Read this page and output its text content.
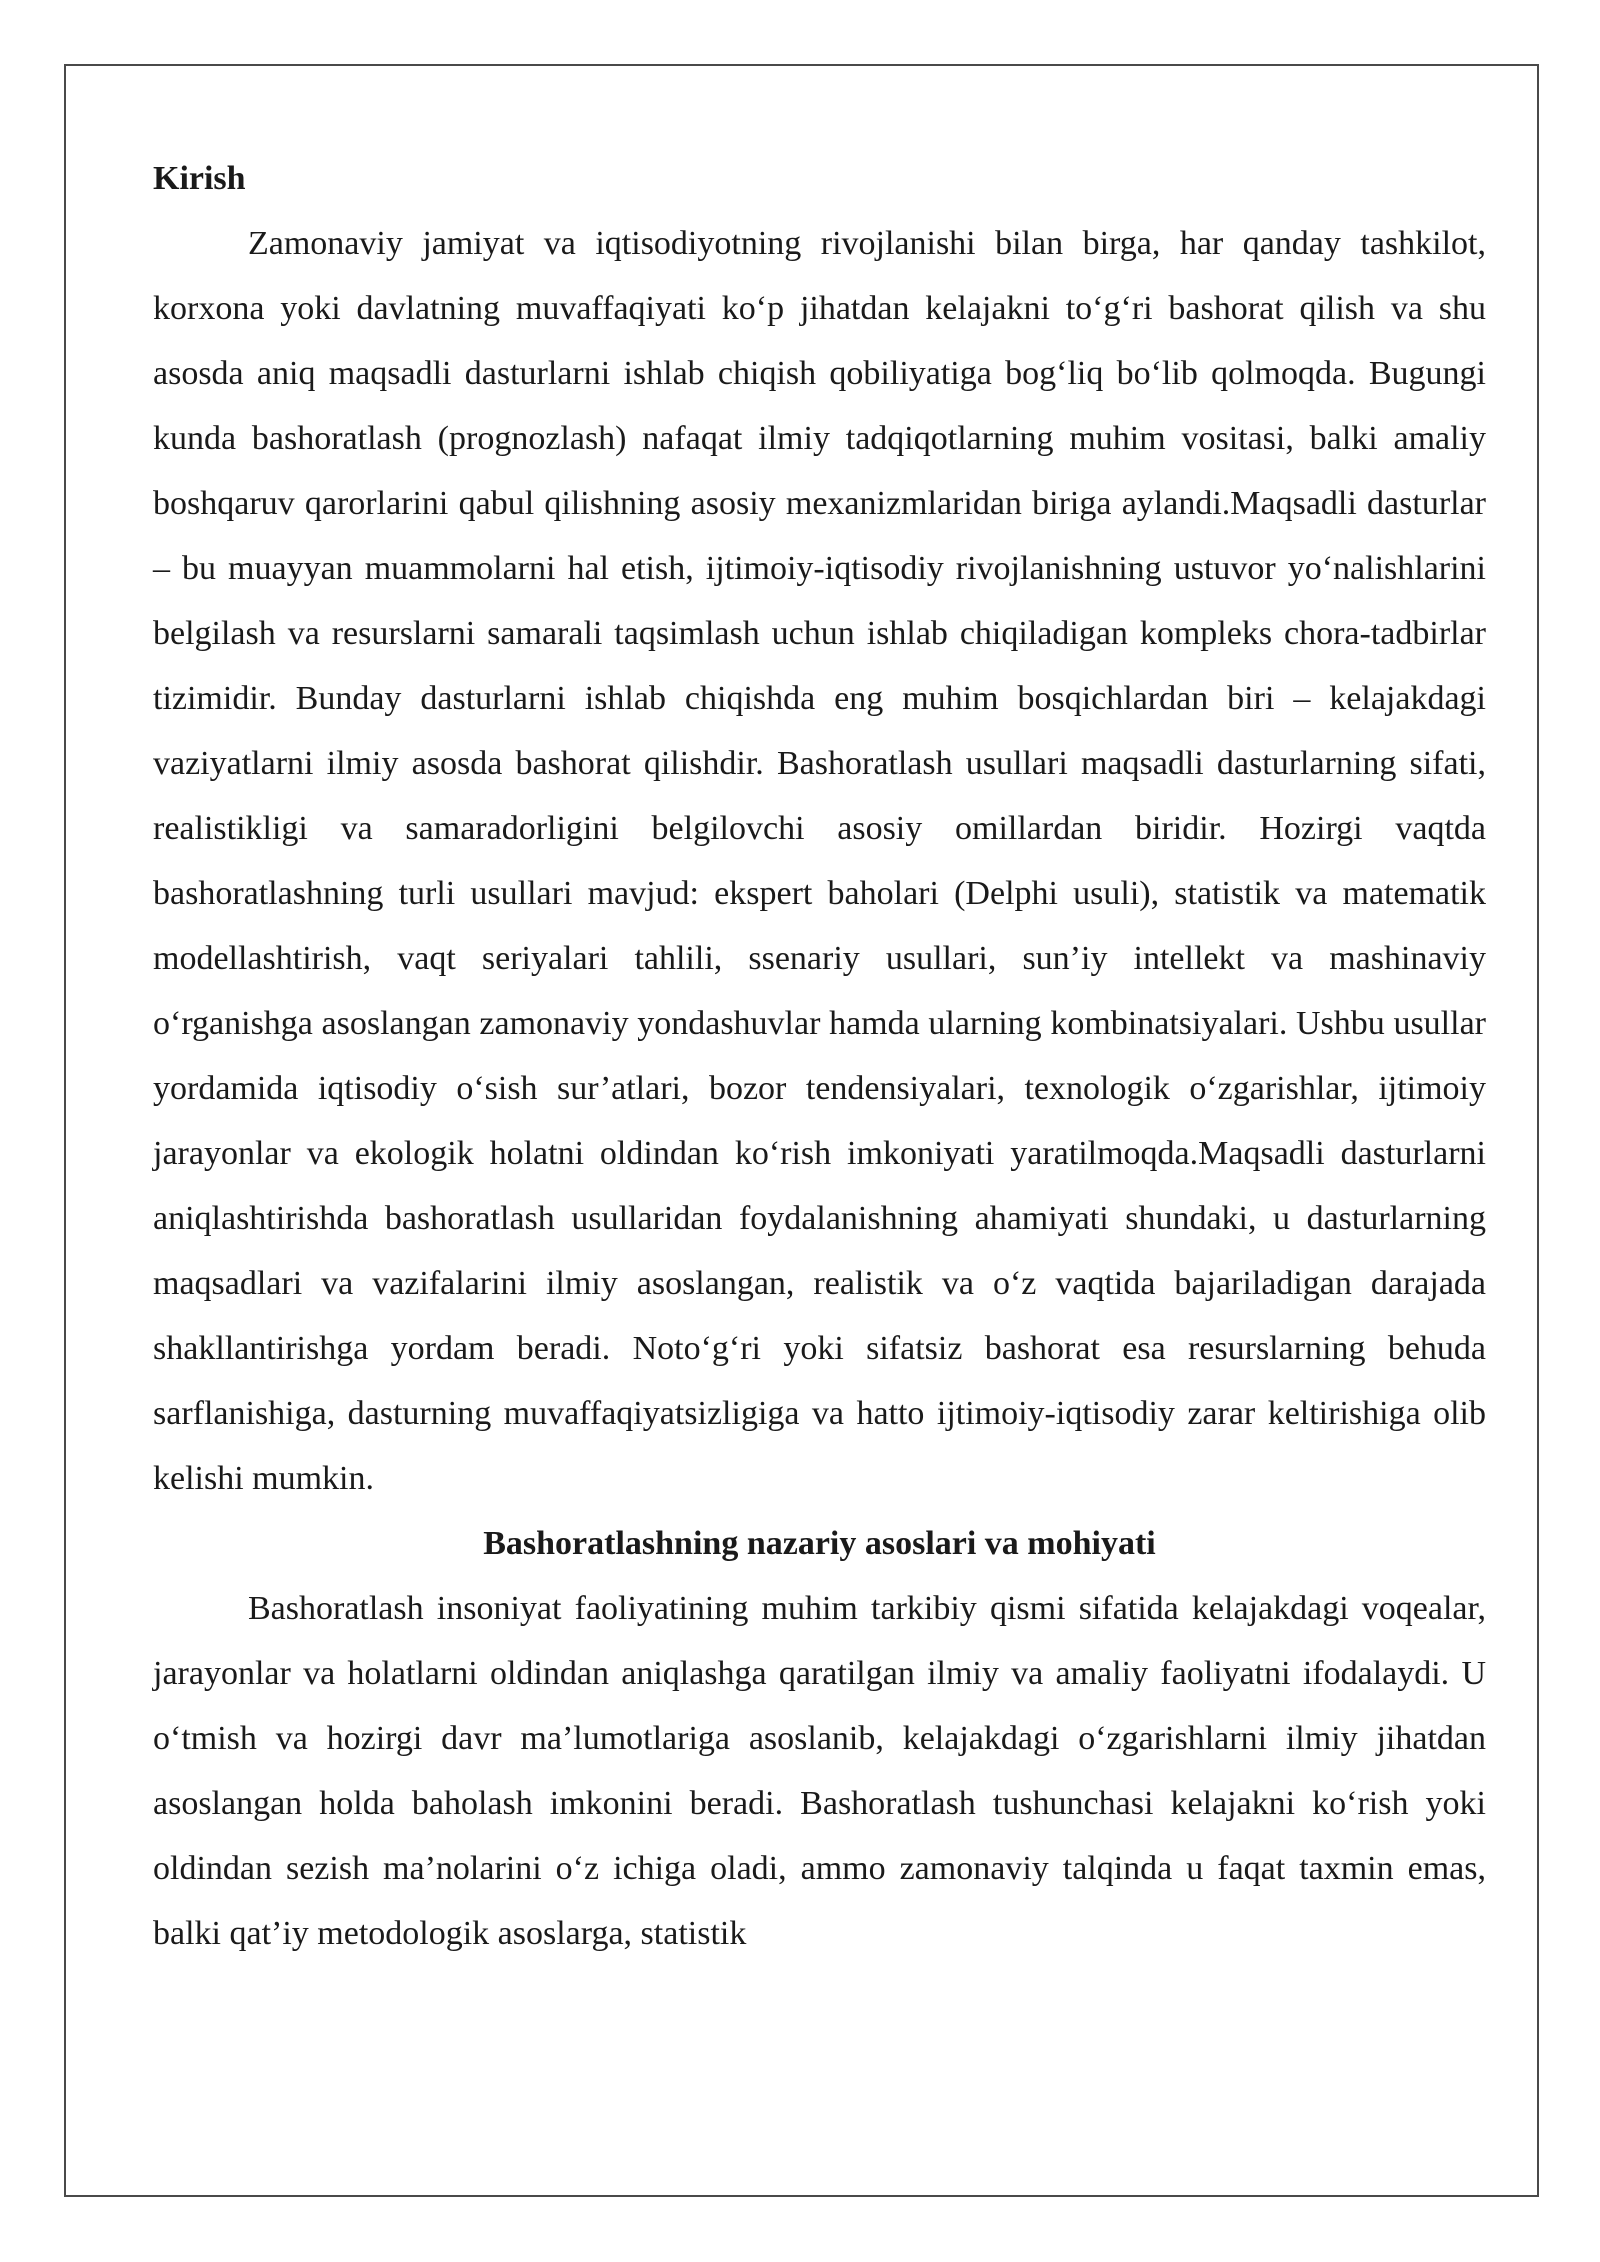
Kirish

Zamonaviy jamiyat va iqtisodiyotning rivojlanishi bilan birga, har qanday tashkilot, korxona yoki davlatning muvaffaqiyati ko‘p jihatdan kelajakni to‘g‘ri bashorat qilish va shu asosda aniq maqsadli dasturlarni ishlab chiqish qobiliyatiga bog‘liq bo‘lib qolmoqda. Bugungi kunda bashoratlash (prognozlash) nafaqat ilmiy tadqiqotlarning muhim vositasi, balki amaliy boshqaruv qarorlarini qabul qilishning asosiy mexanizmlaridan biriga aylandi.Maqsadli dasturlar – bu muayyan muammolarni hal etish, ijtimoiy-iqtisodiy rivojlanishning ustuvor yo‘nalishlarini belgilash va resurslarni samarali taqsimlash uchun ishlab chiqiladigan kompleks chora-tadbirlar tizimidir. Bunday dasturlarni ishlab chiqishda eng muhim bosqichlardan biri – kelajakdagi vaziyatlarni ilmiy asosda bashorat qilishdir. Bashoratlash usullari maqsadli dasturlarning sifati, realistikligi va samaradorligini belgilovchi asosiy omillardan biridir. Hozirgi vaqtda bashoratlashning turli usullari mavjud: ekspert baholari (Delphi usuli), statistik va matematik modellashtirish, vaqt seriyalari tahlili, ssenariy usullari, sun’iy intellekt va mashinaviy o‘rganishga asoslangan zamonaviy yondashuvlar hamda ularning kombinatsiyalari. Ushbu usullar yordamida iqtisodiy o‘sish sur’atlari, bozor tendensiyalari, texnologik o‘zgarishlar, ijtimoiy jarayonlar va ekologik holatni oldindan ko‘rish imkoniyati yaratilmoqda.Maqsadli dasturlarni aniqlashtirishda bashoratlash usullaridan foydalanishning ahamiyati shundaki, u dasturlarning maqsadlari va vazifalarini ilmiy asoslangan, realistik va o‘z vaqtida bajariladigan darajada shakllantirishga yordam beradi. Noto‘g‘ri yoki sifatsiz bashorat esa resurslarning behuda sarflanishiga, dasturning muvaffaqiyatsizligiga va hatto ijtimoiy-iqtisodiy zarar keltirishiga olib kelishi mumkin.

Bashoratlashning nazariy asoslari va mohiyati

Bashoratlash insoniyat faoliyatining muhim tarkibiy qismi sifatida kelajakdagi voqealar, jarayonlar va holatlarni oldindan aniqlashga qaratilgan ilmiy va amaliy faoliyatni ifodalaydi. U o‘tmish va hozirgi davr ma’lumotlariga asoslanib, kelajakdagi o‘zgarishlarni ilmiy jihatdan asoslangan holda baholash imkonini beradi. Bashoratlash tushunchasi kelajakni ko‘rish yoki oldindan sezish ma’nolarini o‘z ichiga oladi, ammo zamonaviy talqinda u faqat taxmin emas, balki qat’iy metodologik asoslarga, statistik
